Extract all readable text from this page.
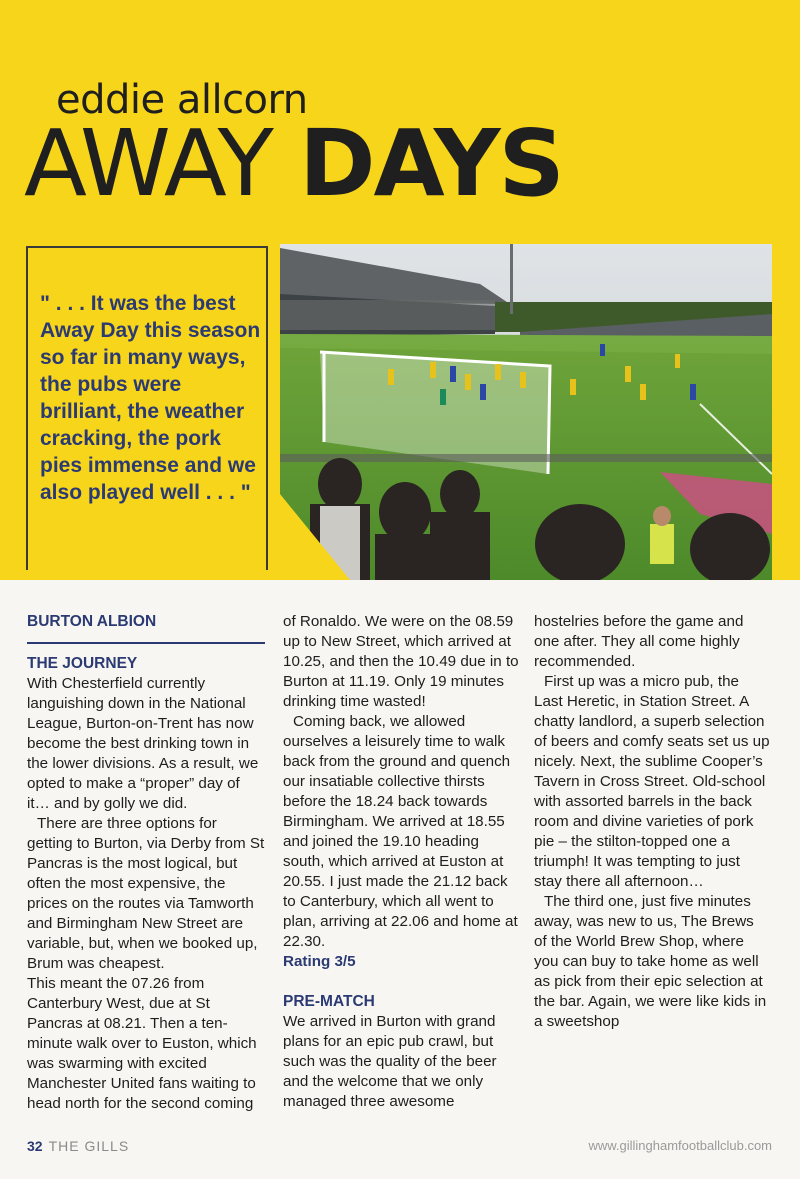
eddie allcorn
AWAY DAYS
" . . . It was the best Away Day this season so far in many ways, the pubs were brilliant, the weather cracking, the pork pies immense and we also played well . . . "

BURTON ALBION

THE JOURNEY

With Chesterfield currently languishing down in the National League, Burton-on-Trent has now become the best drinking town in the lower divisions. As a result, we opted to make a “proper” day of it… and by golly we did.

There are three options for getting to Burton, via Derby from St Pancras is the most logical, but often the most expensive, the prices on the routes via Tamworth and Birmingham New Street are variable, but, when we booked up, Brum was cheapest.

This meant the 07.26 from Canterbury West, due at St Pancras at 08.21. Then a ten-minute walk over to Euston, which was swarming with excited Manchester United fans waiting to head north for the second coming

of Ronaldo. We were on the 08.59 up to New Street, which arrived at 10.25, and then the 10.49 due in to Burton at 11.19. Only 19 minutes drinking time wasted!

Coming back, we allowed ourselves a leisurely time to walk back from the ground and quench our insatiable collective thirsts before the 18.24 back towards Birmingham. We arrived at 18.55 and joined the 19.10 heading south, which arrived at Euston at 20.55. I just made the 21.12 back to Canterbury, which all went to plan, arriving at 22.06 and home at 22.30.

Rating 3/5

PRE-MATCH

We arrived in Burton with grand plans for an epic pub crawl, but such was the quality of the beer and the welcome that we only managed three awesome

hostelries before the game and one after. They all come highly recommended.

First up was a micro pub, the Last Heretic, in Station Street. A chatty landlord, a superb selection of beers and comfy seats set us up nicely. Next, the sublime Cooper’s Tavern in Cross Street. Old-school with assorted barrels in the back room and divine varieties of pork pie – the stilton-topped one a triumph! It was tempting to just stay there all afternoon…

The third one, just five minutes away, was new to us, The Brews of the World Brew Shop, where you can buy to take home as well as pick from their epic selection at the bar. Again, we were like kids in a sweetshop

32 THE GILLS	www.gillinghamfootballclub.com
